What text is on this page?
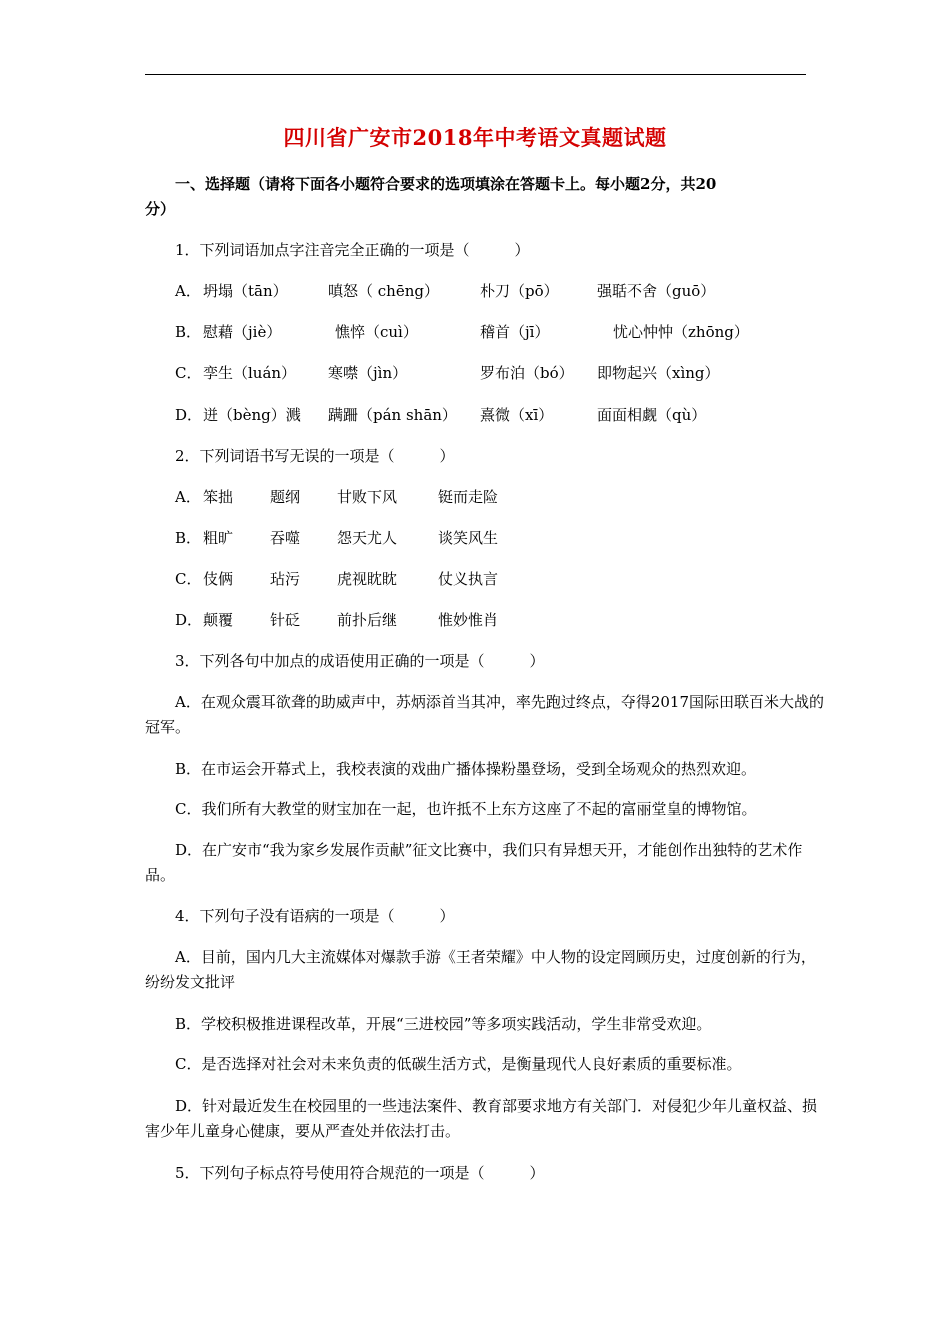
四川省广安市2018年中考语文真题试题
一、选择题（请将下面各小题符合要求的选项填涂在答题卡上。每小题2分，共20
分）
1．下列词语加点字注音完全正确的一项是（　　　）
A． 坍塌（tān）	嗔怒（ chēng）	朴刀（pō）	强聒不舍（guō）
B． 慰藉（jiè）	憔悴（cuì）	稽首（jī）	忧心忡忡（zhōng）
C． 孪生（luán） 寒噤（jìn）	罗布泊（bó） 即物起兴（xìng）
D． 迸（bèng）溅 蹒跚（pán shān） 熹微（xī）	面面相觑（qù）
2．下列词语书写无误的一项是（　　　）
A． 笨拙 题纲 甘败下风	铤而走险
B． 粗旷 吞噬 怨天尤人	谈笑风生
C． 伎俩 玷污 虎视眈眈	仗义执言
D． 颠覆 针砭 前扑后继	惟妙惟肖
3．下列各句中加点的成语使用正确的一项是（　　　）
A．在观众震耳欲聋的助威声中，苏炳添首当其冲，率先跑过终点，夺得2017国际田联百米大战的冠军。
B．在市运会开幕式上，我校表演的戏曲广播体操粉墨登场，受到全场观众的热烈欢迎。
C．我们所有大教堂的财宝加在一起，也许抵不上东方这座了不起的富丽堂皇的博物馆。
D．在广安市“我为家乡发展作贡献”征文比赛中，我们只有异想天开，才能创作出独特的艺术作品。
4．下列句子没有语病的一项是（　　　）
A．目前，国内几大主流媒体对爆款手游《王者荣耀》中人物的设定罔顾历史，过度创新的行为，纷纷发文批评
B．学校积极推进课程改革，开展“三进校园”等多项实践活动，学生非常受欢迎。
C．是否选择对社会对未来负责的低碳生活方式，是衡量现代人良好素质的重要标准。
D．针对最近发生在校园里的一些违法案件、教育部要求地方有关部门．对侵犯少年儿童权益、损害少年儿童身心健康，要从严查处并依法打击。
5．下列句子标点符号使用符合规范的一项是（　　　）
